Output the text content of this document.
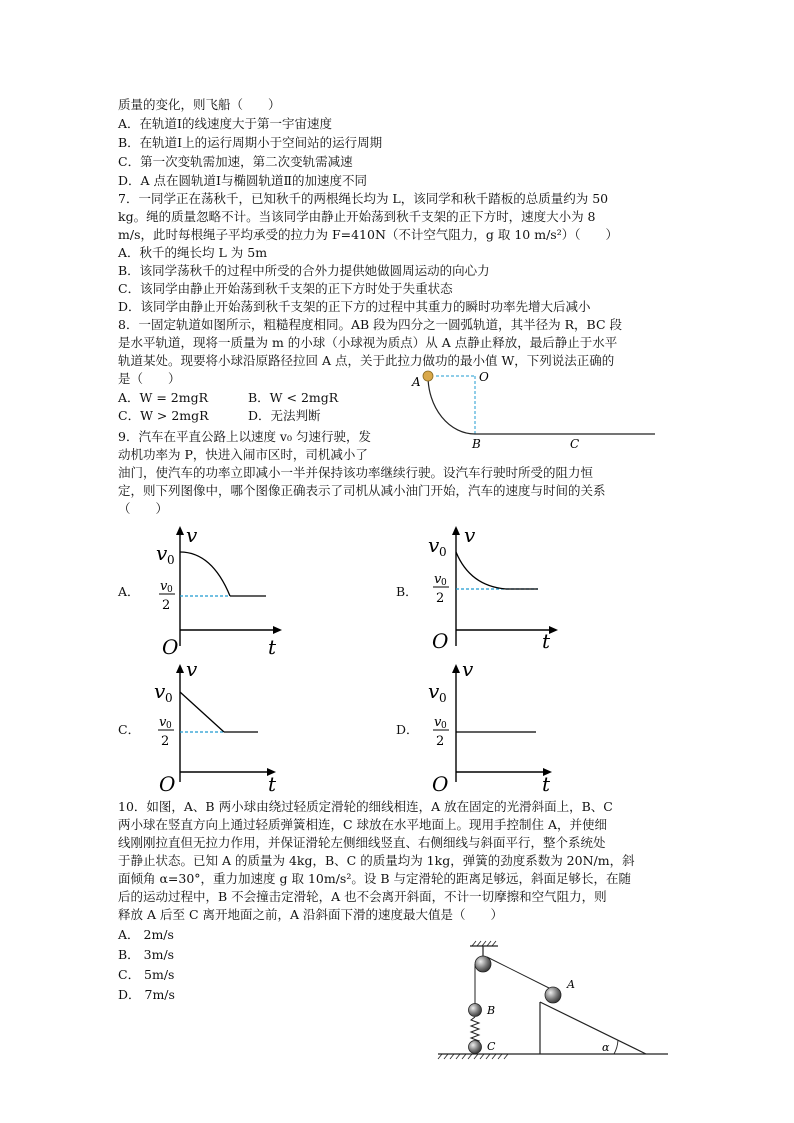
质量的变化，则飞船（　　）
A．在轨道Ⅰ的线速度大于第一宇宙速度
B．在轨道Ⅰ上的运行周期小于空间站的运行周期
C．第一次变轨需加速，第二次变轨需减速
D．A 点在圆轨道Ⅰ与椭圆轨道Ⅱ的加速度不同
7．一同学正在荡秋千，已知秋千的两根绳长均为 L，该同学和秋千踏板的总质量约为 50
kg。绳的质量忽略不计。当该同学由静止开始荡到秋千支架的正下方时，速度大小为 8
m/s，此时每根绳子平均承受的拉力为 F=410N（不计空气阻力，g 取 10 m/s²）（　　）
A．秋千的绳长均 L 为 5m
B．该同学荡秋千的过程中所受的合外力提供她做圆周运动的向心力
C．该同学由静止开始荡到秋千支架的正下方时处于失重状态
D．该同学由静止开始荡到秋千支架的正下方的过程中其重力的瞬时功率先增大后减小
8．一固定轨道如图所示，粗糙程度相同。AB 段为四分之一圆弧轨道，其半径为 R，BC 段
是水平轨道，现将一质量为 m 的小球（小球视为质点）从 A 点静止释放，最后静止于水平
轨道某处。现要将小球沿原路径拉回 A 点，关于此拉力做功的最小值 W，下列说法正确的
是（　　）
A．W = 2mgR	B．W < 2mgR
C．W > 2mgR	D．无法判断
A	O
B	C
9．汽车在平直公路上以速度 v₀ 匀速行驶，发
动机功率为 P，快进入闹市区时，司机减小了
油门，使汽车的功率立即减小一半并保持该功率继续行驶。设汽车行驶时所受的阻力恒
定，则下列图像中，哪个图像正确表示了司机从减小油门开始，汽车的速度与时间的关系
（　　）
A．	B．
C．	D．
v
v 0
v 0
2
O	t
v 0
v
v 0
2
O	t
v
v 0
v 0
2
O	t
v
v 0
v 0
2
O	t
10．如图，A、B 两小球由绕过轻质定滑轮的细线相连，A 放在固定的光滑斜面上，B、C
两小球在竖直方向上通过轻质弹簧相连，C 球放在水平地面上。现用手控制住 A，并使细
线刚刚拉直但无拉力作用，并保证滑轮左侧细线竖直、右侧细线与斜面平行，整个系统处
于静止状态。已知 A 的质量为 4kg，B、C 的质量均为 1kg，弹簧的劲度系数为 20N/m，斜
面倾角 α=30°，重力加速度 g 取 10m/s²。设 B 与定滑轮的距离足够远，斜面足够长，在随
后的运动过程中，B 不会撞击定滑轮，A 也不会离开斜面，不计一切摩擦和空气阻力，则
释放 A 后至 C 离开地面之前，A 沿斜面下滑的速度最大值是（　　）
A． 2m/s
B． 3m/s
C． 5m/s
D． 7m/s
A
B
C	α
